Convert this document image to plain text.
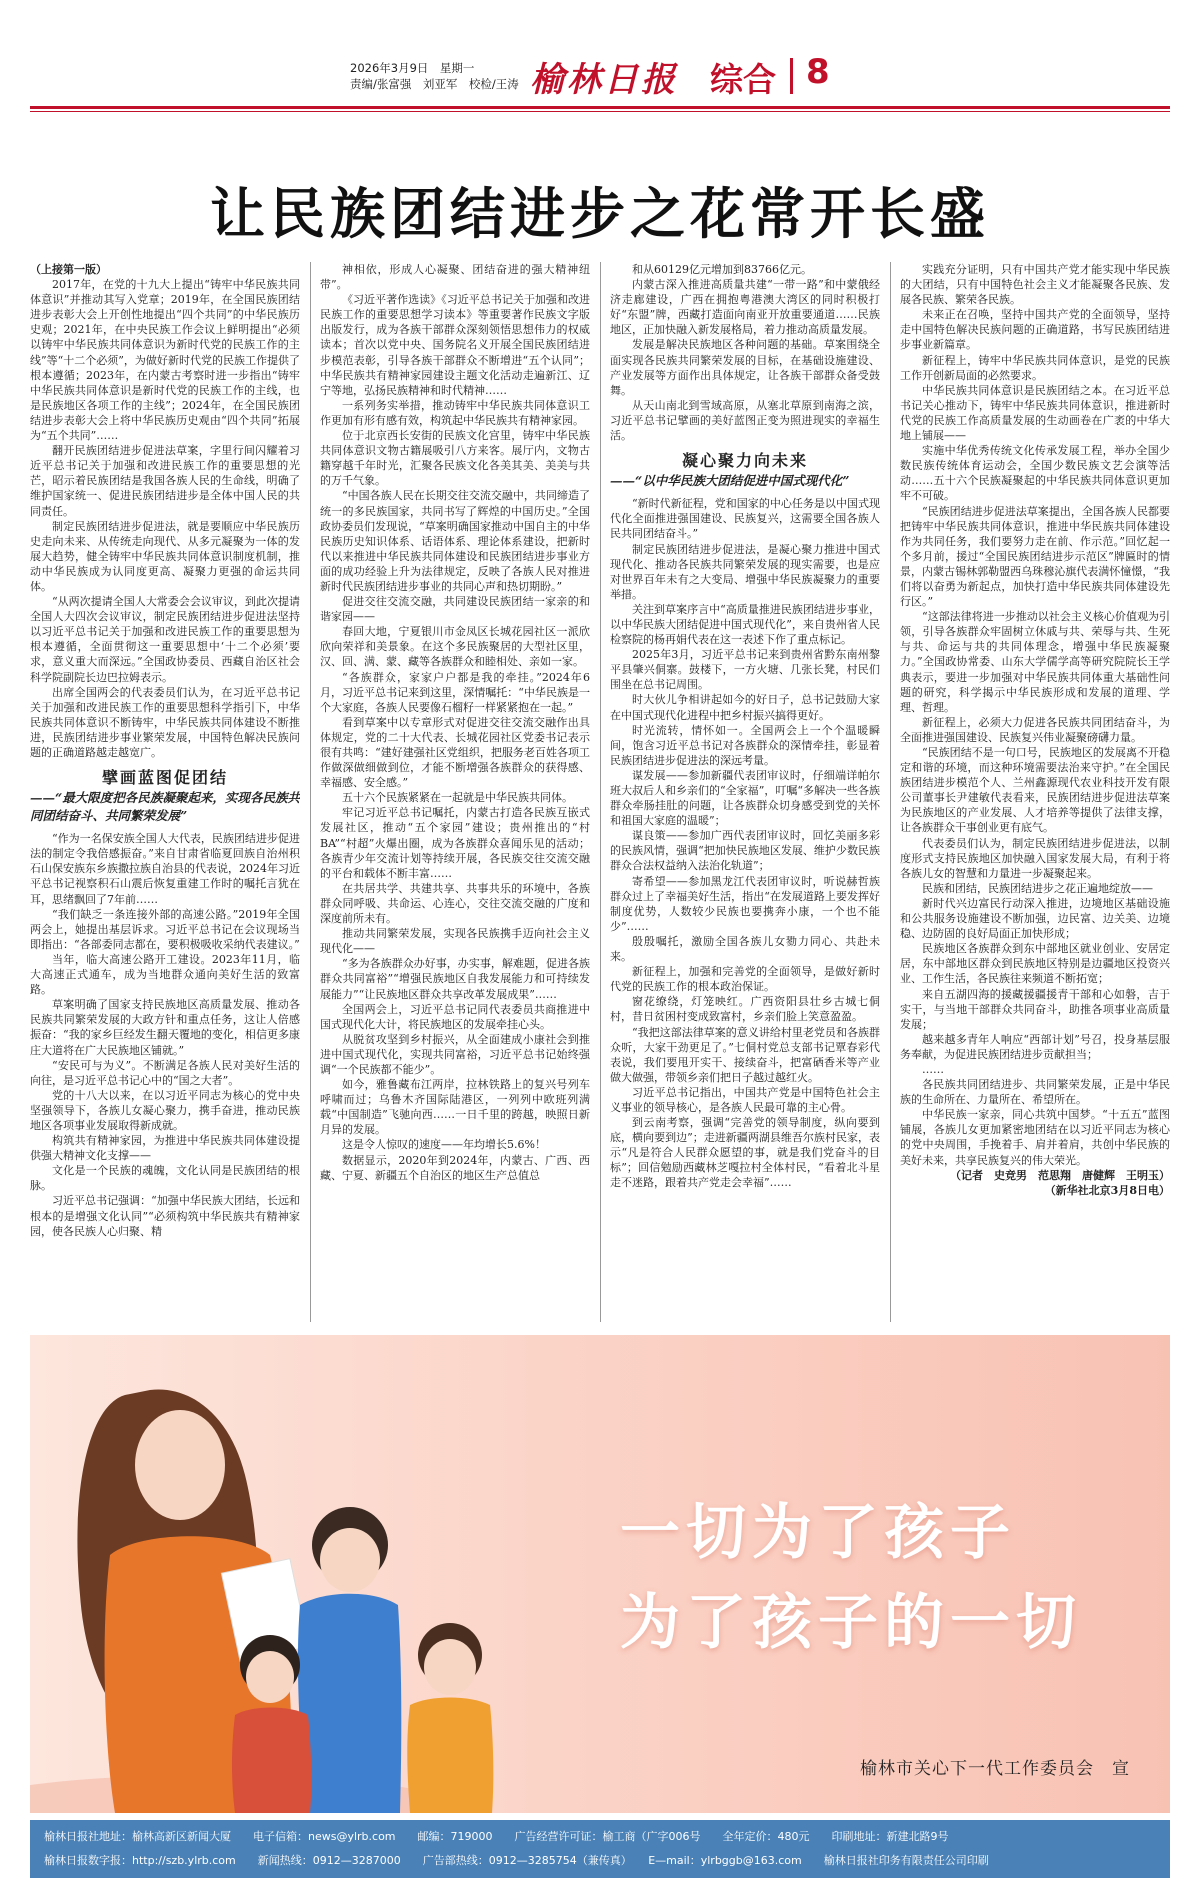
2026年3月9日　星期一
责编/张富强　刘亚军　校检/王涛 榆林日报 综合 8
让民族团结进步之花常开长盛

（上接第一版）

2017年，在党的十九大上提出“铸牢中华民族共同体意识”并推动其写入党章；2019年，在全国民族团结进步表彰大会上开创性地提出“四个共同”的中华民族历史观；2021年，在中央民族工作会议上鲜明提出“必须以铸牢中华民族共同体意识为新时代党的民族工作的主线”等“十二个必须”，为做好新时代党的民族工作提供了根本遵循；2023年，在内蒙古考察时进一步指出“铸牢中华民族共同体意识是新时代党的民族工作的主线，也是民族地区各项工作的主线”；2024年，在全国民族团结进步表彰大会上将中华民族历史观由“四个共同”拓展为“五个共同”……

翻开民族团结进步促进法草案，字里行间闪耀着习近平总书记关于加强和改进民族工作的重要思想的光芒，昭示着民族团结是我国各族人民的生命线，明确了维护国家统一、促进民族团结进步是全体中国人民的共同责任。

制定民族团结进步促进法，就是要顺应中华民族历史走向未来、从传统走向现代、从多元凝聚为一体的发展大趋势，健全铸牢中华民族共同体意识制度机制，推动中华民族成为认同度更高、凝聚力更强的命运共同体。

“从两次提请全国人大常委会会议审议，到此次提请全国人大四次会议审议，制定民族团结进步促进法坚持以习近平总书记关于加强和改进民族工作的重要思想为根本遵循，全面贯彻这一重要思想中‘十二个必须’要求，意义重大而深远。”全国政协委员、西藏自治区社会科学院副院长边巴拉姆表示。

出席全国两会的代表委员们认为，在习近平总书记关于加强和改进民族工作的重要思想科学指引下，中华民族共同体意识不断铸牢，中华民族共同体建设不断推进，民族团结进步事业繁荣发展，中国特色解决民族问题的正确道路越走越宽广。

擘画蓝图促团结
——“最大限度把各民族凝聚起来，实现各民族共同团结奋斗、共同繁荣发展”

“作为一名保安族全国人大代表，民族团结进步促进法的制定令我倍感振奋。”来自甘肃省临夏回族自治州积石山保安族东乡族撒拉族自治县的代表说，2024年习近平总书记视察积石山震后恢复重建工作时的嘱托言犹在耳，思绪飘回了7年前……

“我们缺乏一条连接外部的高速公路。”2019年全国两会上，她提出基层诉求。习近平总书记在会议现场当即指出：“各部委同志都在，要积极吸收采纳代表建议。”

当年，临大高速公路开工建设。2023年11月，临大高速正式通车，成为当地群众通向美好生活的致富路。

草案明确了国家支持民族地区高质量发展、推动各民族共同繁荣发展的大政方针和重点任务，这让人倍感振奋：“我的家乡巨经发生翻天覆地的变化，相信更多康庄大道将在广大民族地区铺就。”

“安民可与为义”。不断满足各族人民对美好生活的向往，是习近平总书记心中的“国之大者”。

党的十八大以来，在以习近平同志为核心的党中央坚强领导下，各族儿女凝心聚力，携手奋进，推动民族地区各项事业发展取得新成就。

构筑共有精神家园，为推进中华民族共同体建设提供强大精神文化支撑——

文化是一个民族的魂魄，文化认同是民族团结的根脉。

习近平总书记强调：“加强中华民族大团结，长远和根本的是增强文化认同”“必须构筑中华民族共有精神家园，使各民族人心归聚、精

神相依，形成人心凝聚、团结奋进的强大精神纽带”。

《习近平著作选读》《习近平总书记关于加强和改进民族工作的重要思想学习读本》等重要著作民族文字版出版发行，成为各族干部群众深刻领悟思想伟力的权威读本；首次以党中央、国务院名义开展全国民族团结进步模范表彰，引导各族干部群众不断增进“五个认同”；中华民族共有精神家园建设主题文化活动走遍新江、辽宁等地，弘扬民族精神和时代精神……

一系列务实举措，推动铸牢中华民族共同体意识工作更加有形有感有效，构筑起中华民族共有精神家园。

位于北京西长安街的民族文化宫里，铸牢中华民族共同体意识文物古籍展吸引八方来客。展厅内，文物古籍穿越千年时光，汇聚各民族文化各美其美、美美与共的万千气象。

“中国各族人民在长期交往交流交融中，共同缔造了统一的多民族国家，共同书写了辉煌的中国历史。”全国政协委员们发现说，“草案明确国家推动中国自主的中华民族历史知识体系、话语体系、理论体系建设，把新时代以来推进中华民族共同体建设和民族团结进步事业方面的成功经验上升为法律规定，反映了各族人民对推进新时代民族团结进步事业的共同心声和热切期盼。”

促进交往交流交融，共同建设民族团结一家亲的和谐家园——

春回大地，宁夏银川市金凤区长城花园社区一派欣欣向荣祥和美景象。在这个多民族聚居的大型社区里，汉、回、满、蒙、藏等各族群众和睦相处、亲如一家。

“各族群众，家家户户都是我的牵挂。”2024年6月，习近平总书记来到这里，深情嘱托：“中华民族是一个大家庭，各族人民要像石榴籽一样紧紧抱在一起。”

看到草案中以专章形式对促进交往交流交融作出具体规定，党的二十大代表、长城花园社区党委书记表示很有共鸣：“建好建强社区党组织，把服务老百姓各项工作做深做细做到位，才能不断增强各族群众的获得感、幸福感、安全感。”

五十六个民族紧紧在一起就是中华民族共同体。

牢记习近平总书记嘱托，内蒙古打造各民族互嵌式发展社区，推动“五个家园”建设；贵州推出的“村BA”“村超”火爆出圈，成为各族群众喜闻乐见的活动；各族青少年交流计划等持续开展，各民族交往交流交融的平台和载体不断丰富……

在共居共学、共建共享、共事共乐的环境中，各族群众同呼吸、共命运、心连心，交往交流交融的广度和深度前所未有。

推动共同繁荣发展，实现各民族携手迈向社会主义现代化——

“多为各族群众办好事，办实事，解难题，促进各族群众共同富裕”“增强民族地区自我发展能力和可持续发展能力”“让民族地区群众共享改革发展成果”……

全国两会上，习近平总书记同代表委员共商推进中国式现代化大计，将民族地区的发展牵挂心头。

从脱贫攻坚到乡村振兴，从全面建成小康社会到推进中国式现代化，实现共同富裕，习近平总书记始终强调“一个民族都不能少”。

如今，雅鲁藏布江两岸，拉林铁路上的复兴号列车呼啸而过；乌鲁木齐国际陆港区，一列列中欧班列满载“中国制造”飞驰向西……一日千里的跨越，映照日新月异的发展。

这是令人惊叹的速度——年均增长5.6%！

数据显示，2020年到2024年，内蒙古、广西、西藏、宁夏、新疆五个自治区的地区生产总值总

和从60129亿元增加到83766亿元。

内蒙古深入推进高质量共建“一带一路”和中蒙俄经济走廊建设，广西在拥抱粤港澳大湾区的同时积极打好“东盟”牌，西藏打造面向南亚开放重要通道……民族地区，正加快融入新发展格局，着力推动高质量发展。

发展是解决民族地区各种问题的基础。草案围绕全面实现各民族共同繁荣发展的目标，在基础设施建设、产业发展等方面作出具体规定，让各族干部群众备受鼓舞。

从天山南北到雪域高原，从塞北草原到南海之滨，习近平总书记擘画的美好蓝图正变为照进现实的幸福生活。

凝心聚力向未来
——“以中华民族大团结促进中国式现代化”

“新时代新征程，党和国家的中心任务是以中国式现代化全面推进强国建设、民族复兴，这需要全国各族人民共同团结奋斗。”

制定民族团结进步促进法，是凝心聚力推进中国式现代化、推动各民族共同繁荣发展的现实需要，也是应对世界百年未有之大变局、增强中华民族凝聚力的重要举措。

关注到草案序言中“高质量推进民族团结进步事业，以中华民族大团结促进中国式现代化”，来自贵州省人民检察院的杨再娟代表在这一表述下作了重点标记。

2025年3月，习近平总书记来到贵州省黔东南州黎平县肇兴侗寨。鼓楼下，一方火塘、几张长凳，村民们围坐在总书记周围。

时大伙儿争相讲起如今的好日子，总书记鼓励大家在中国式现代化进程中把乡村振兴搞得更好。

时光流转，情怀如一。全国两会上一个个温暖瞬间，饱含习近平总书记对各族群众的深情牵挂，彰显着民族团结进步促进法的深远考量。

谋发展——参加新疆代表团审议时，仔细端详帕尔班大叔后人和乡亲们的“全家福”，叮嘱“多解决一些各族群众牵肠挂肚的问题，让各族群众切身感受到党的关怀和祖国大家庭的温暖”；

谋良策——参加广西代表团审议时，回忆美丽多彩的民族风情，强调“把加快民族地区发展、维护少数民族群众合法权益纳入法治化轨道”；

寄希望——参加黑龙江代表团审议时，听说赫哲族群众过上了幸福美好生活，指出“在发展道路上要发挥好制度优势，人数较少民族也要携奔小康，一个也不能少”……

殷殷嘱托，激励全国各族儿女勠力同心、共赴未来。

新征程上，加强和完善党的全面领导，是做好新时代党的民族工作的根本政治保证。

窗花缭绕，灯笼映红。广西资阳县壮乡古城七侗村，昔日贫困村变成致富村，乡亲们脸上笑意盈盈。

“我把这部法律草案的意义讲给村里老党员和各族群众听，大家干劲更足了。”七侗村党总支部书记覃春彩代表说，我们要甩开实干、接续奋斗，把富硒香米等产业做大做强，带领乡亲们把日子越过越红火。

习近平总书记指出，中国共产党是中国特色社会主义事业的领导核心，是各族人民最可靠的主心骨。

到云南考察，强调“完善党的领导制度，纵向要到底，横向要到边”；走进新疆两湖县维吾尔族村民家，表示“凡是符合人民群众愿望的事，就是我们党奋斗的目标”；回信勉励西藏林芝嘎拉村全体村民，“看着北斗星走不迷路，跟着共产党走会幸福”……

实践充分证明，只有中国共产党才能实现中华民族的大团结，只有中国特色社会主义才能凝聚各民族、发展各民族、繁荣各民族。

未来正在召唤，坚持中国共产党的全面领导，坚持走中国特色解决民族问题的正确道路，书写民族团结进步事业新篇章。

新征程上，铸牢中华民族共同体意识，是党的民族工作开创新局面的必然要求。

中华民族共同体意识是民族团结之本。在习近平总书记关心推动下，铸牢中华民族共同体意识，推进新时代党的民族工作高质量发展的生动画卷在广袤的中华大地上铺展——

实施中华优秀传统文化传承发展工程，举办全国少数民族传统体育运动会，全国少数民族文艺会演等活动……五十六个民族凝聚起的中华民族共同体意识更加牢不可破。

“民族团结进步促进法草案提出，全国各族人民都要把铸牢中华民族共同体意识，推进中华民族共同体建设作为共同任务，我们要努力走在前、作示范。”回忆起一个多月前，援过“全国民族团结进步示范区”牌匾时的情景，内蒙古锡林郭勒盟西乌珠穆沁旗代表满怀憧憬，“我们将以奋勇为新起点，加快打造中华民族共同体建设先行区。”

“这部法律将进一步推动以社会主义核心价值观为引领，引导各族群众牢固树立休戚与共、荣辱与共、生死与共、命运与共的共同体理念，增强中华民族凝聚力。”全国政协常委、山东大学儒学高等研究院院长王学典表示，要进一步加强对中华民族共同体重大基础性问题的研究，科学揭示中华民族形成和发展的道理、学理、哲理。

新征程上，必须大力促进各民族共同团结奋斗，为全面推进强国建设、民族复兴伟业凝聚磅礴力量。

“民族团结不是一句口号，民族地区的发展离不开稳定和谐的环境，而这种环境需要法治来守护。”在全国民族团结进步模范个人、兰州鑫源现代农业科技开发有限公司董事长尹建敏代表看来，民族团结进步促进法草案为民族地区的产业发展、人才培养等提供了法律支撑，让各族群众干事创业更有底气。

代表委员们认为，制定民族团结进步促进法，以制度形式支持民族地区加快融入国家发展大局，有利于将各族儿女的智慧和力量进一步凝聚起来。

民族和团结，民族团结进步之花正遍地绽放——

新时代兴边富民行动深入推进，边境地区基础设施和公共服务设施建设不断加强，边民富、边关美、边境稳、边防固的良好局面正加快形成；

民族地区各族群众到东中部地区就业创业、安居定居，东中部地区群众到民族地区特别是边疆地区投资兴业、工作生活，各民族往来频道不断拓宽；

来自五湖四海的援藏援疆援青干部和心如磐，吉于实干，与当地干部群众共同奋斗，助推各项事业高质量发展；

越来越多青年人响应“西部计划”号召，投身基层服务奉献，为促进民族团结进步贡献担当；

……

各民族共同团结进步、共同繁荣发展，正是中华民族的生命所在、力量所在、希望所在。

中华民族一家亲，同心共筑中国梦。“十五五”蓝图铺展，各族儿女更加紧密地团结在以习近平同志为核心的党中央周围，手挽着手、肩并着肩，共创中华民族的美好未来，共享民族复兴的伟大荣光。

（记者　史竞男　范思翔　唐健辉　王明玉）

（新华社北京3月8日电）

一切为了孩子
为了孩子的一切
榆林市关心下一代工作委员会　宣
榆林日报社地址：榆林高新区新闻大厦　　电子信箱：news@ylrb.com　　邮编：719000　　广告经营许可证：榆工商（广字006号　　全年定价：480元　　印刷地址：新建北路9号
榆林日报数字报：http://szb.ylrb.com　　新闻热线：0912—3287000　　广告部热线：0912—3285754（兼传真）　　E—mail：ylrbggb@163.com　　榆林日报社印务有限责任公司印刷
